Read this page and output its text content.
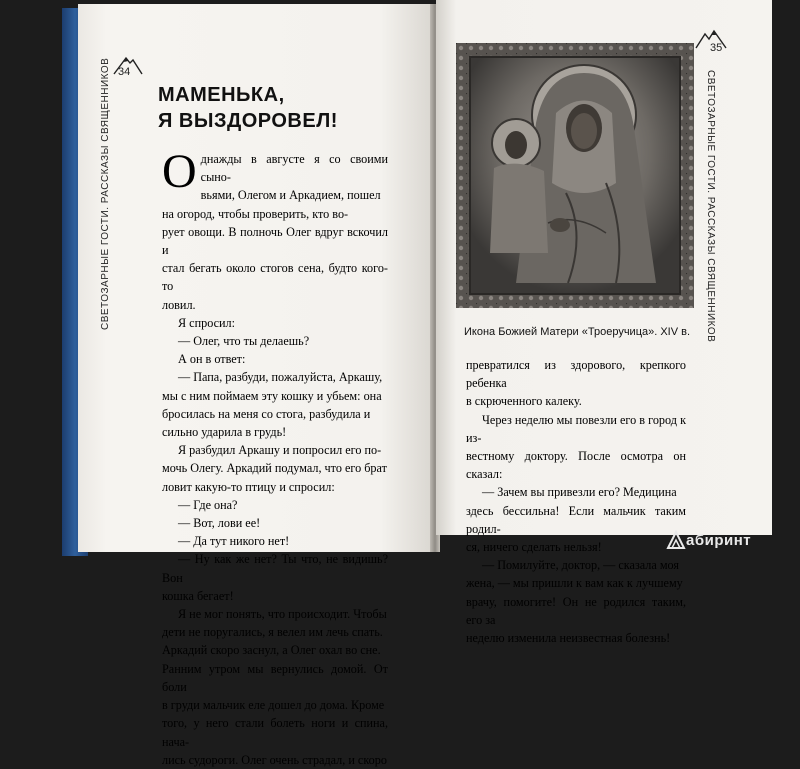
34
СВЕТОЗАРНЫЕ ГОСТИ. РАССКАЗЫ СВЯЩЕННИКОВ МАМЕНЬКА,
Я ВЫЗДОРОВЕЛ!

Однажды в августе я со своими сыно-
вьями, Олегом и Аркадием, пошел
на огород, чтобы проверить, кто во-
рует овощи. В полночь Олег вдруг вскочил и
стал бегать около стогов сена, будто кого-то
ловил.

Я спросил:

— Олег, что ты делаешь?

А он в ответ:

— Папа, разбуди, пожалуйста, Аркашу,

мы с ним поймаем эту кошку и убьем: она

бросилась на меня со стога, разбудила и

сильно ударила в грудь!

Я разбудил Аркашу и попросил его по-

мочь Олегу. Аркадий подумал, что его брат

ловит какую-то птицу и спросил:

— Где она?

— Вот, лови ее!

— Да тут никого нет!

— Ну как же нет? Ты что, не видишь? Вон

кошка бегает!

Я не мог понять, что происходит. Чтобы

дети не поругались, я велел им лечь спать.

Аркадий скоро заснул, а Олег охал во сне.

Ранним утром мы вернулись домой. От боли

в груди мальчик еле дошел до дома. Кроме

того, у него стали болеть ноги и спина, нача-

лись судороги. Олег очень страдал, и скоро

35
СВЕТОЗАРНЫЕ ГОСТИ. РАССКАЗЫ СВЯЩЕННИКОВ
Икона Божией Матери «Троеручица». XIV в.

превратился из здорового, крепкого ребенка

в скрюченного калеку.

Через неделю мы повезли его в город к из-

вестному доктору. После осмотра он сказал:

— Зачем вы привезли его? Медицина

здесь бессильна! Если мальчик таким родил-

ся, ничего сделать нельзя!

— Помилуйте, доктор, — сказала моя

жена, — мы пришли к вам как к лучшему

врачу, помогите! Он не родился таким, его за

неделю изменила неизвестная болезнь!

абиринт
